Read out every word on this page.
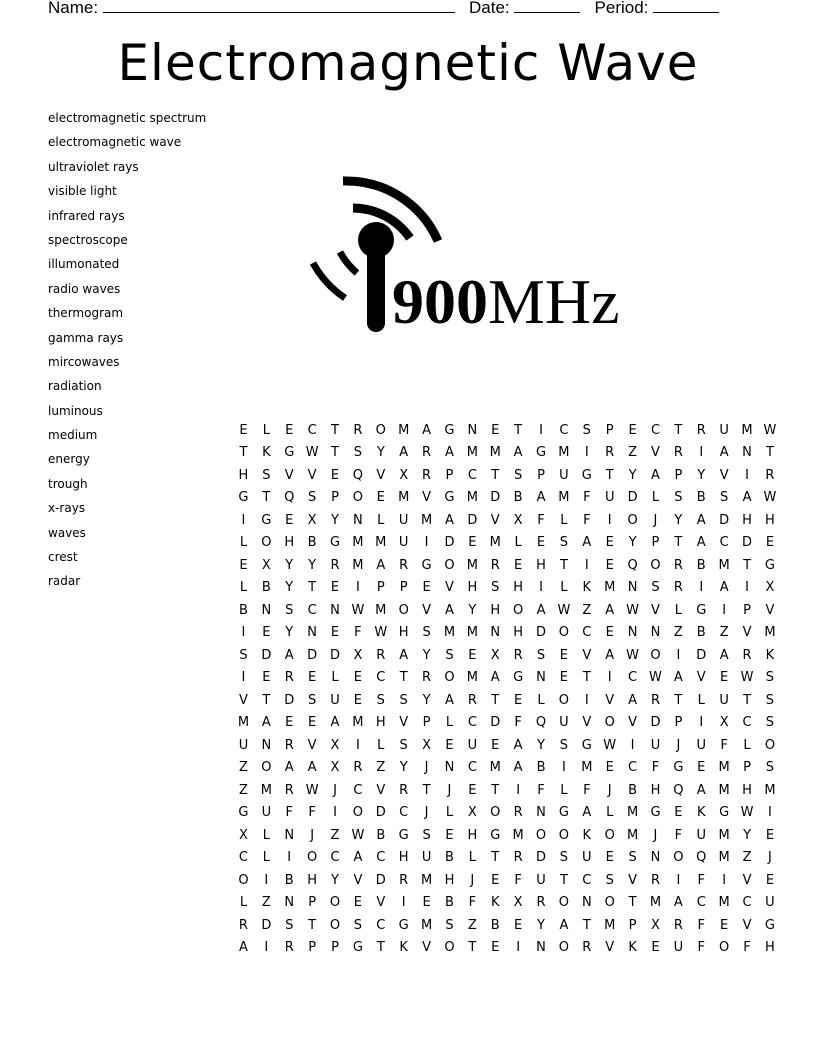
Name:	Date:	Period:
Electromagnetic Wave
electromagnetic spectrum
electromagnetic wave
ultraviolet rays
visible light
infrared rays
spectroscope
illumonated
radio waves
thermogram
gamma rays
mircowaves
radiation
luminous
medium
energy
trough
x-rays
waves
crest
radar
900MHz
E	L	E	C	T	R	O M A	G N	E	T	I	C	S	P	E	C	T	R	U M W
T	K	G W T	S	Y	A	R	A M M A	G M	I	R	Z	V	R	I	A	N	T
H	S	V	V	E	Q	V	X	R	P	C	T	S	P	U	G	T	Y	A	P	Y	V	I	R
G	T	Q	S	P	O	E	M V	G M D	B	A M	F	U	D	L	S	B	S	A W
I	G	E	X	Y	N	L	U M A	D	V	X	F	L	F	I	O	J	Y	A	D H	H
L	O H	B	G M M U	I	D	E	M	L	E	S	A	E	Y	P	T	A	C	D	E
E	X	Y	Y	R M A	R	G O M R	E	H	T	I	E	Q O	R	B M	T	G
L	B	Y	T	E	I	P	P	E	V	H	S	H	I	L	K	M N	S	R	I	A	I	X
B	N	S	C	N W M O	V	A	Y	H O	A W Z	A W V	L	G	I	P	V
I	E	Y	N	E	F W H	S	M M N	H	D O	C	E	N	N	Z	B	Z	V M
S	D	A	D D	X	R	A	Y	S	E	X	R	S	E	V	A W O	I	D	A	R	K
I	E	R	E	L	E	C	T	R	O M A	G N	E	T	I	C W A	V	E W S
V	T	D	S	U	E	S	S	Y	A	R	T	E	L	O	I	V	A	R	T	L	U	T	S
M A	E	E	A M H	V	P	L	C	D	F	Q	U	V	O	V	D	P	I	X	C	S
U	N	R	V	X	I	L	S	X	E	U	E	A	Y	S	G W	I	U	J	U	F	L	O
Z	O	A	A	X	R	Z	Y	J	N	C M A	B	I	M	E	C	F	G	E	M	P	S
Z M R W	J	C	V	R	T	J	E	T	I	F	L	F	J	B	H Q	A M H M
G	U	F	F	I	O D	C	J	L	X	O	R	N G	A	L	M G	E	K	G W	I
X	L	N	J	Z W B	G	S	E	H G M O O	K	O M	J	F	U M	Y	E
C	L	I	O	C	A	C	H	U	B	L	T	R	D	S	U	E	S	N O Q M Z	J
O	I	B	H	Y	V	D	R M H	J	E	F	U	T	C	S	V	R	I	F	I	V	E
L	Z	N	P	O	E	V	I	E	B	F	K	X	R	O N O	T	M A	C M C	U
R	D	S	T	O	S	C	G M	S	Z	B	E	Y	A	T	M	P	X	R	F	E	V	G
A	I	R	P	P	G	T	K	V	O	T	E	I	N O	R	V	K	E	U	F	O	F	H
